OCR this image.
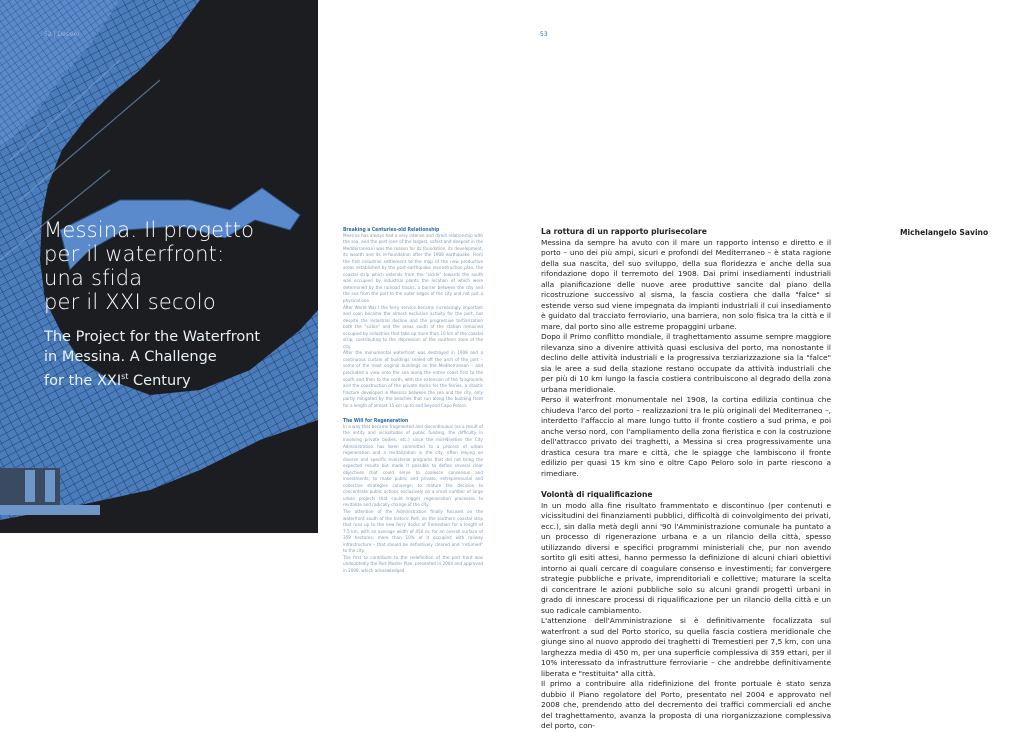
52 | Dossier
Messina. Il progetto
per il waterfront:
una sfida
per il XXI secolo
The Project for the Waterfront
in Messina. A Challenge
for the XXIst Century
Breaking a Centuries-old Relationship

Messina has always had a very intense and direct relationship with the sea, and the port (one of the largest, safest and deepest in the Mediterranean) was the reason for its foundation, its development, its wealth and its re-foundation after the 1908 earthquake. From the first industrial settlement to the map of the new productive areas established by the post-earthquake reconstruction plan, the coastal strip which extends from the "sickle" towards the south was occupied by industrial plants the location of which were determined by the railroad tracks, a barrier between the city and the sea from the port to the outer edges of the city and not just a physical one.

After World War I the ferry service became increasingly important and soon became the almost exclusive activity for the port, but despite the industrial decline and the progressive tertiarization both the "sickle" and the areas south of the station remained occupied by industries that take up more than 10 km of the coastal strip, contributing to the depression of the southern zone of the city.

After the monumental waterfront was destroyed in 1908 and a continuous curtain of buildings sealed off the arch of the port – some of the most original buildings on the Mediterranean – and precluded a view onto the sea along the entire coast first to the south and then to the north, with the extension of the fairgrounds and the construction of the private docks for the ferries, a drastic fracture developed in Messina between the sea and the city, only partly mitigated by the beaches that run along the building front for a length of almost 15 km up to and beyond Capo Peloro.

The Will for Regeneration

In a way that became fragmented and discontinuous (as a result of the entity and vicissitudes of public funding, the difficulty in involving private bodies, etc.) since the mid-Nineties the City Administration has been committed to a process of urban regeneration and a revitalization in the city, often relying on diverse and specific ministerial programs that did not bring the expected results but made it possible to define several clear objectives that could serve to coalesce consensus and investments; to make public and private, entrepreneurial and collective strategies converge; to mature the decision to concentrate public actions exclusively on a small number of large urban projects that could trigger regeneration processes to revitalize and radically change of the city.

The attention of the Administration finally focused on the waterfront south of the historic Port, on the southern coastal strip that runs up to the new ferry docks of Tremestieri for a length of 7.5 km, with an average width of 450 m, for an overall surface of 359 hectares, more than 10% of it occupied with railway infrastructure – that should be definitively cleared and "returned" to the city.

The first to contribute to the redefinition of the port front was undoubtedly the Port Master Plan, presented in 2004 and approved in 2008, which acknowledged

53
Michelangelo Savino
La rottura di un rapporto plurisecolare

Messina da sempre ha avuto con il mare un rapporto intenso e diretto e il porto – uno dei più ampi, sicuri e profondi del Mediterraneo – è stata ragione della sua nascita, del suo sviluppo, della sua floridezza e anche della sua rifondazione dopo il terremoto del 1908. Dai primi insediamenti industriali alla pianificazione delle nuove aree produttive sancite dal piano della ricostruzione successivo al sisma, la fascia costiera che dalla "falce" si estende verso sud viene impegnata da impianti industriali il cui insediamento è guidato dal tracciato ferroviario, una barriera, non solo fisica tra la città e il mare, dal porto sino alle estreme propaggini urbane.

Dopo il Primo conflitto mondiale, il traghettamento assume sempre maggiore rilevanza sino a divenire attività quasi esclusiva del porto, ma nonostante il declino delle attività industriali e la progressiva terziarizzazione sia la "falce" sia le aree a sud della stazione restano occupate da attività industriali che per più di 10 km lungo la fascia costiera contribuiscono al degrado della zona urbana meridionale.

Perso il waterfront monumentale nel 1908, la cortina edilizia continua che chiudeva l'arco del porto – realizzazioni tra le più originali del Mediterraneo –, interdetto l'affaccio al mare lungo tutto il fronte costiero a sud prima, e poi anche verso nord, con l'ampliamento della zona fieristica e con la costruzione dell'attracco privato dei traghetti, a Messina si crea progressivamente una drastica cesura tra mare e città, che le spiagge che lambiscono il fronte edilizio per quasi 15 km sino e oltre Capo Peloro solo in parte riescono a rimediare.

Volontà di riqualificazione

In un modo alla fine risultato frammentato e discontinuo (per contenuti e vicissitudini dei finanziamenti pubblici, difficoltà di coinvolgimento dei privati, ecc.), sin dalla metà degli anni '90 l'Amministrazione comunale ha puntato a un processo di rigenerazione urbana e a un rilancio della città, spesso utilizzando diversi e specifici programmi ministeriali che, pur non avendo sortito gli esiti attesi, hanno permesso la definizione di alcuni chiari obiettivi intorno ai quali cercare di coagulare consenso e investimenti; far convergere strategie pubbliche e private, imprenditoriali e collettive; maturare la scelta di concentrare le azioni pubbliche solo su alcuni grandi progetti urbani in grado di innescare processi di riqualificazione per un rilancio della città e un suo radicale cambiamento.

L'attenzione dell'Amministrazione si è definitivamente focalizzata sul waterfront a sud del Porto storico, su quella fascia costiera meridionale che giunge sino al nuovo approdo dei traghetti di Tremestieri per 7,5 km, con una larghezza media di 450 m, per una superficie complessiva di 359 ettari, per il 10% interessato da infrastrutture ferroviarie – che andrebbe definitivamente liberata e "restituita" alla città.

Il primo a contribuire alla ridefinizione del fronte portuale è stato senza dubbio il Piano regolatore del Porto, presentato nel 2004 e approvato nel 2008 che, prendendo atto del decremento dei traffici commerciali ed anche del traghettamento, avanza la proposta di una riorganizzazione complessiva del porto, con-
